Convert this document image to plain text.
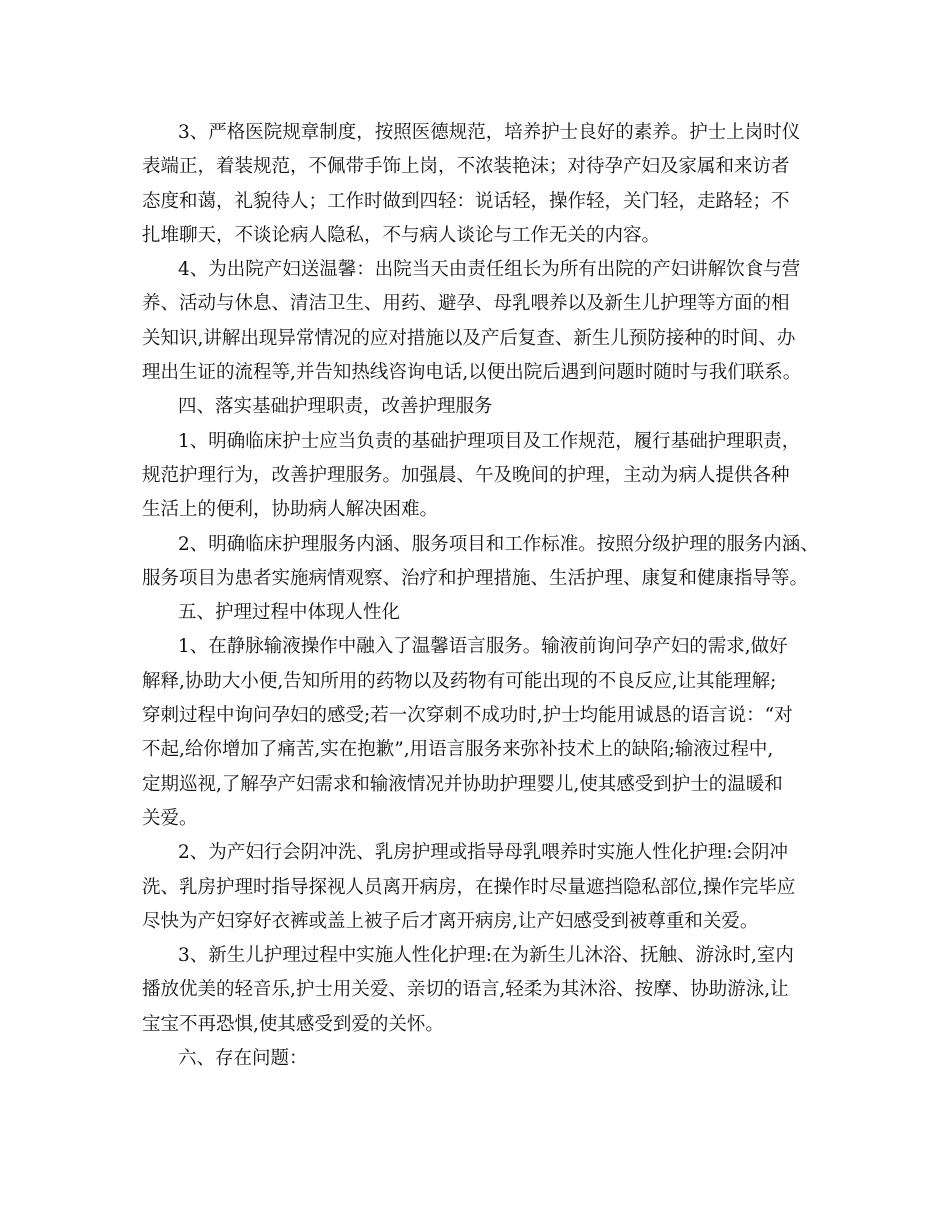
3、严格医院规章制度，按照医德规范，培养护士良好的素养。护士上岗时仪
表端正，着装规范，不佩带手饰上岗，不浓装艳沫；对待孕产妇及家属和来访者
态度和蔼，礼貌待人；工作时做到四轻：说话轻，操作轻，关门轻，走路轻；不
扎堆聊天，不谈论病人隐私，不与病人谈论与工作无关的内容。
4、为出院产妇送温馨：出院当天由责任组长为所有出院的产妇讲解饮食与营
养、活动与休息、清洁卫生、用药、避孕、母乳喂养以及新生儿护理等方面的相
关知识,讲解出现异常情况的应对措施以及产后复查、新生儿预防接种的时间、办
理出生证的流程等,并告知热线咨询电话,以便出院后遇到问题时随时与我们联系。
四、落实基础护理职责，改善护理服务
1、明确临床护士应当负责的基础护理项目及工作规范，履行基础护理职责，
规范护理行为，改善护理服务。加强晨、午及晚间的护理，主动为病人提供各种
生活上的便利，协助病人解决困难。
2、明确临床护理服务内涵、服务项目和工作标准。按照分级护理的服务内涵、
服务项目为患者实施病情观察、治疗和护理措施、生活护理、康复和健康指导等。
五、护理过程中体现人性化
1、在静脉输液操作中融入了温馨语言服务。输液前询问孕产妇的需求,做好
解释,协助大小便,告知所用的药物以及药物有可能出现的不良反应,让其能理解;
穿刺过程中询问孕妇的感受;若一次穿刺不成功时,护士均能用诚恳的语言说：“对
不起,给你增加了痛苦,实在抱歉”,用语言服务来弥补技术上的缺陷;输液过程中,
定期巡视,了解孕产妇需求和输液情况并协助护理婴儿,使其感受到护士的温暖和
关爱。
2、为产妇行会阴冲洗、乳房护理或指导母乳喂养时实施人性化护理:会阴冲
洗、乳房护理时指导探视人员离开病房，在操作时尽量遮挡隐私部位,操作完毕应
尽快为产妇穿好衣裤或盖上被子后才离开病房,让产妇感受到被尊重和关爱。
3、新生儿护理过程中实施人性化护理:在为新生儿沐浴、抚触、游泳时,室内
播放优美的轻音乐,护士用关爱、亲切的语言,轻柔为其沐浴、按摩、协助游泳,让
宝宝不再恐惧,使其感受到爱的关怀。
六、存在问题：
